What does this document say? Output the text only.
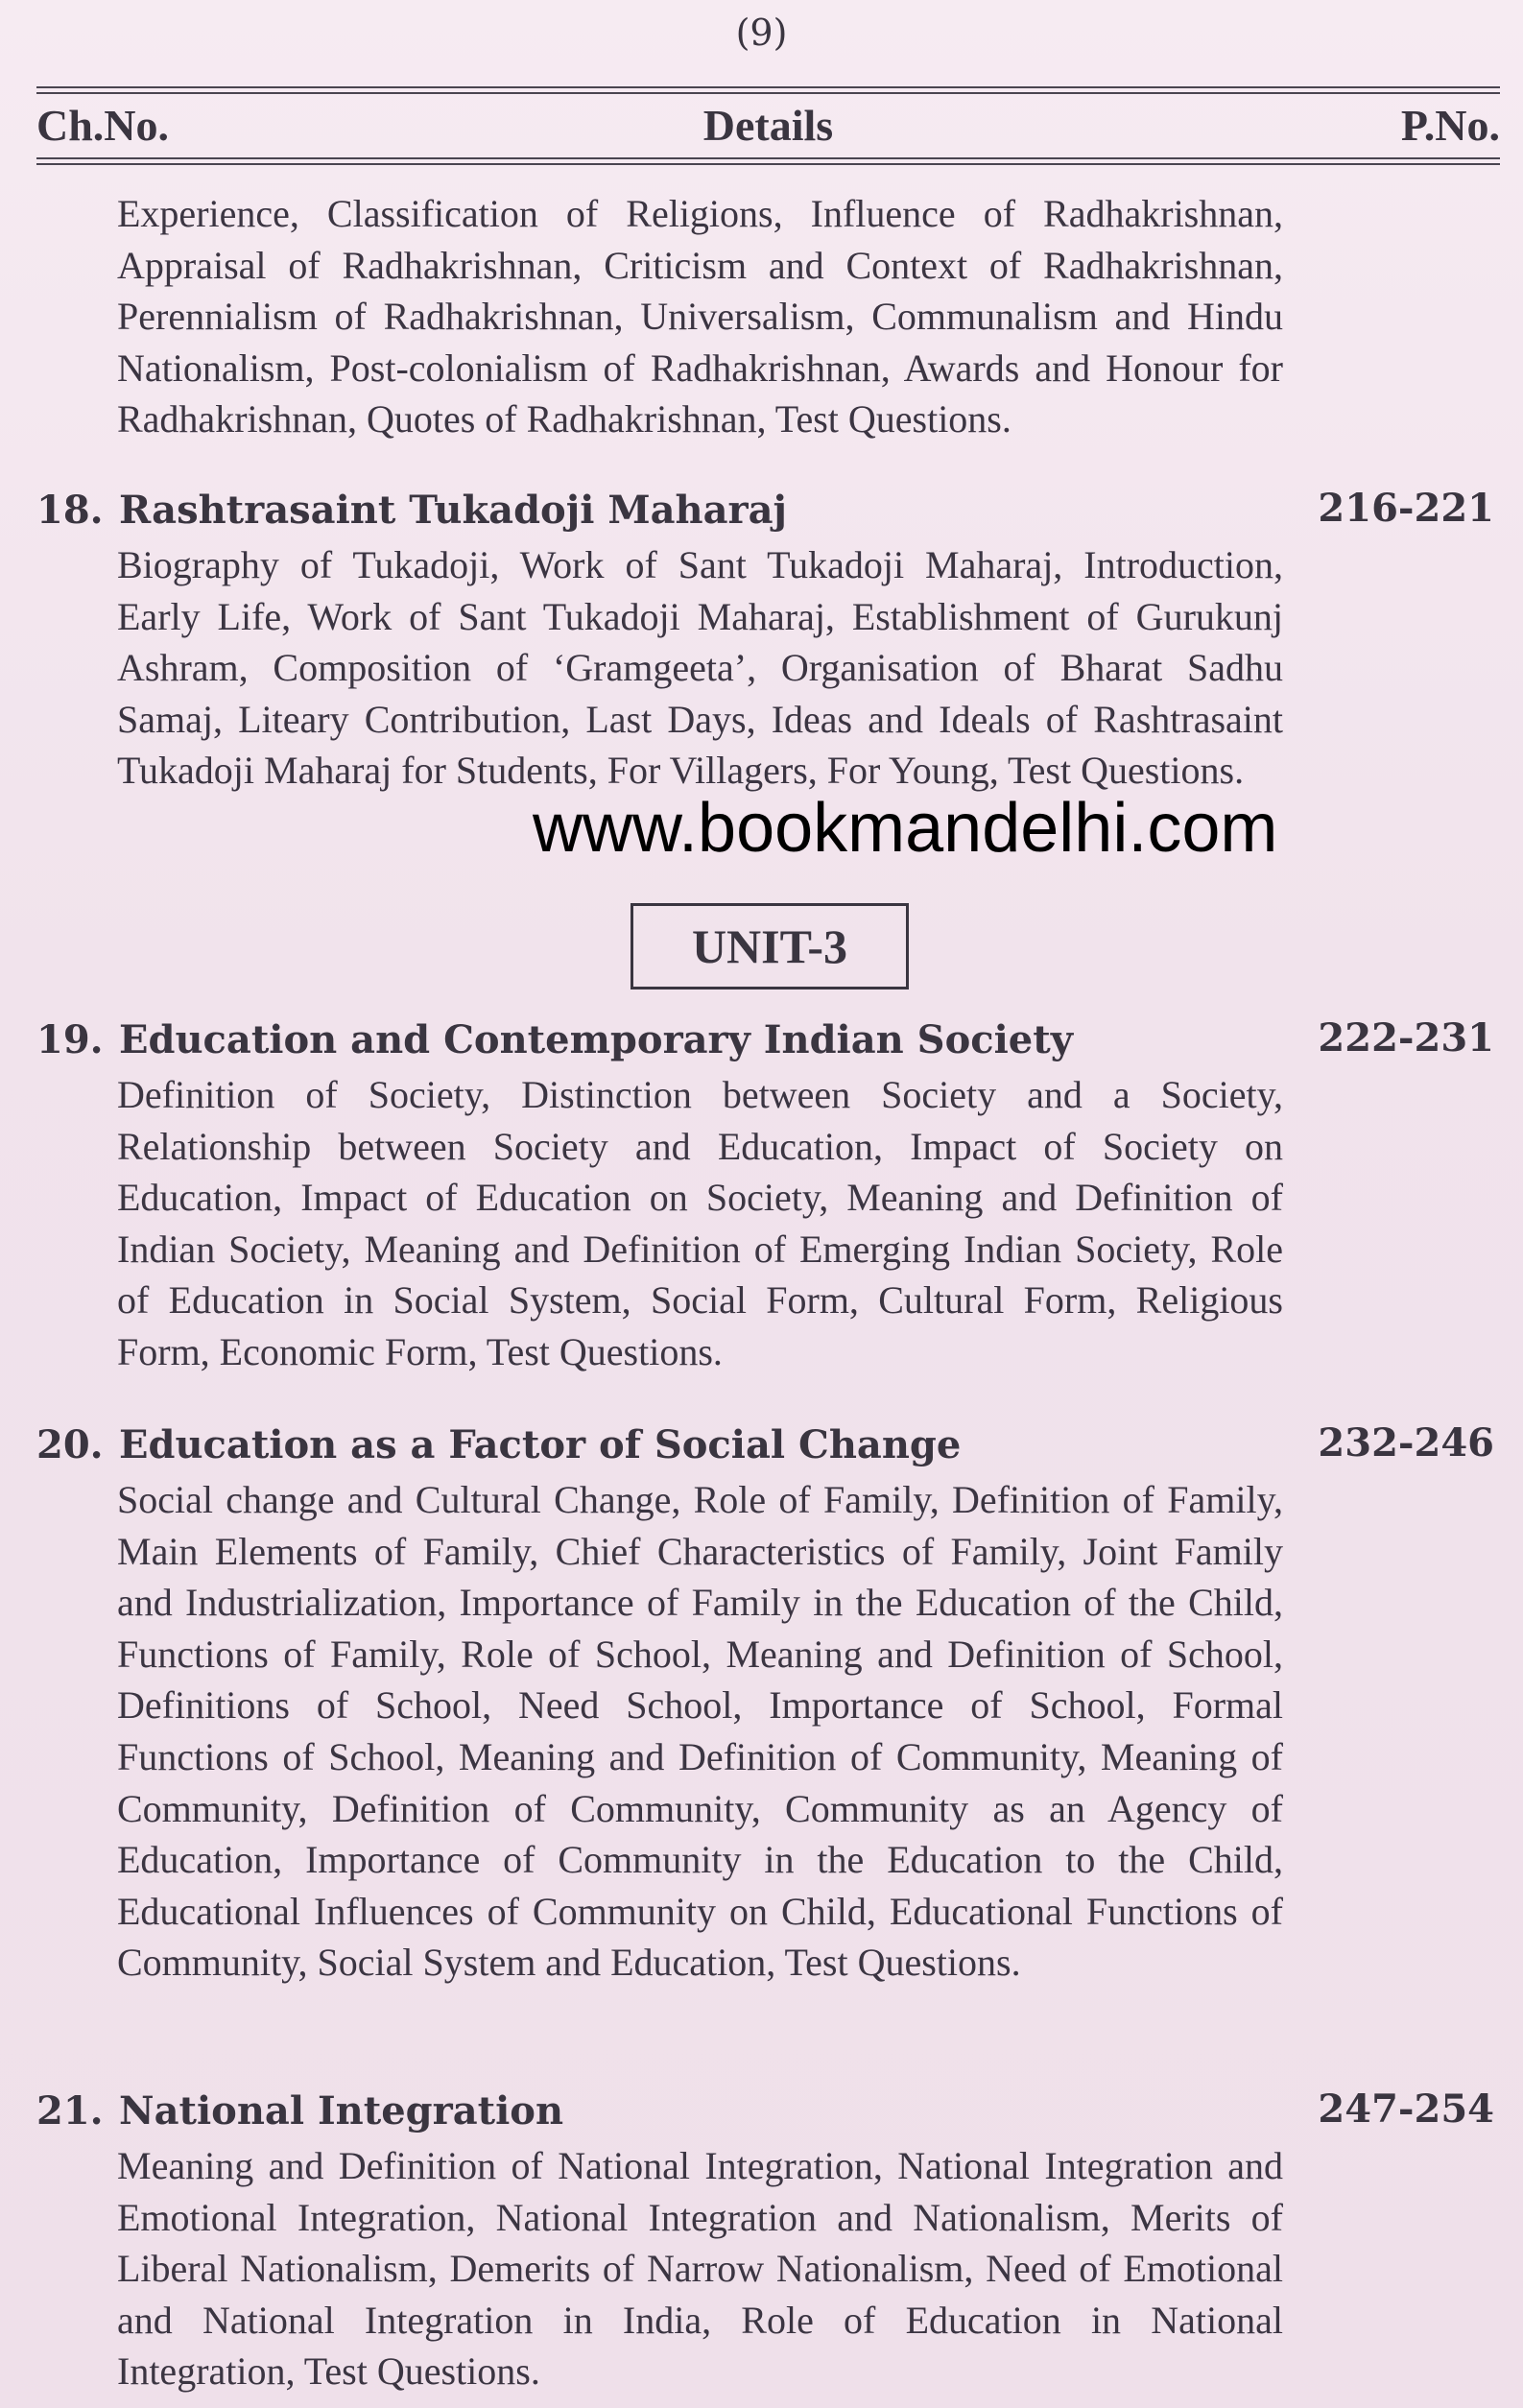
(9)
Ch.No.	Details	P.No.
Experience, Classification of Religions, Influence of Radhakrishnan, Appraisal of Radhakrishnan, Criticism and Context of Radhakrishnan, Perennialism of Radhakrishnan, Universalism, Communalism and Hindu Nationalism, Post-colonialism of Radhakrishnan, Awards and Honour for Radhakrishnan, Quotes of Radhakrishnan, Test Questions.
18. Rashtrasaint Tukadoji Maharaj	216-221
Biography of Tukadoji, Work of Sant Tukadoji Maharaj, Introduction, Early Life, Work of Sant Tukadoji Maharaj, Establishment of Gurukunj Ashram, Composition of ‘Gramgeeta’, Organisation of Bharat Sadhu Samaj, Liteary Contribution, Last Days, Ideas and Ideals of Rashtrasaint Tukadoji Maharaj for Students, For Villagers, For Young, Test Questions.
www.bookmandelhi.com
UNIT-3
19. Education and Contemporary Indian Society	222-231
Definition of Society, Distinction between Society and a Society, Relationship between Society and Education, Impact of Society on Education, Impact of Education on Society, Meaning and Definition of Indian Society, Meaning and Definition of Emerging Indian Society, Role of Education in Social System, Social Form, Cultural Form, Religious Form, Economic Form, Test Questions.
20. Education as a Factor of Social Change	232-246
Social change and Cultural Change, Role of Family, Definition of Family, Main Elements of Family, Chief Characteristics of Family, Joint Family and Industrialization, Importance of Family in the Education of the Child, Functions of Family, Role of School, Meaning and Definition of School, Definitions of School, Need School, Importance of School, Formal Functions of School, Meaning and Definition of Community, Meaning of Community, Definition of Community, Community as an Agency of Education, Importance of Community in the Education to the Child, Educational Influences of Community on Child, Educational Functions of Community, Social System and Education, Test Questions.
21. National Integration	247-254
Meaning and Definition of National Integration, National Integration and Emotional Integration, National Integration and Nationalism, Merits of Liberal Nationalism, Demerits of Narrow Nationalism, Need of Emotional and National Integration in India, Role of Education in National Integration, Test Questions.
